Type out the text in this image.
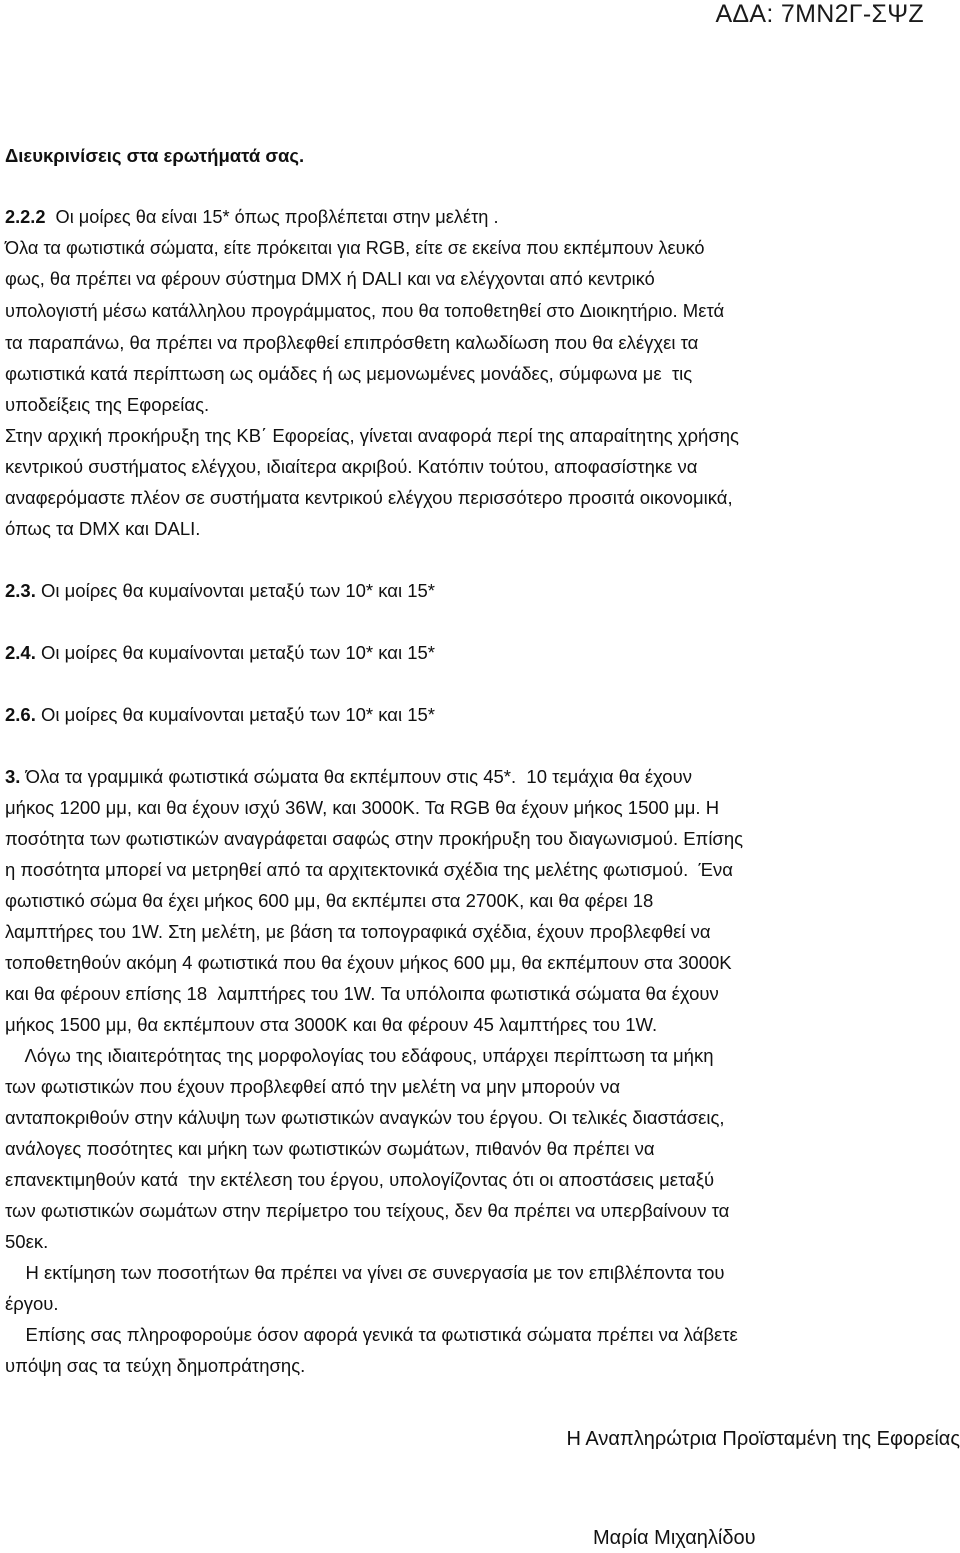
ΑΔΑ: 7ΜΝ2Γ-ΣΨΖ

Διευκρινίσεις στα ερωτήματά σας.

2.2.2  Οι μοίρες θα είναι 15* όπως προβλέπεται στην μελέτη .

Όλα τα φωτιστικά σώματα, είτε πρόκειται για RGB, είτε σε εκείνα που εκπέμπουν λευκό

φως, θα πρέπει να φέρουν σύστημα DMX ή DALI και να ελέγχονται από κεντρικό

υπολογιστή μέσω κατάλληλου προγράμματος, που θα τοποθετηθεί στο Διοικητήριο. Μετά

τα παραπάνω, θα πρέπει να προβλεφθεί επιπρόσθετη καλωδίωση που θα ελέγχει τα

φωτιστικά κατά περίπτωση ως ομάδες ή ως μεμονωμένες μονάδες, σύμφωνα με  τις

υποδείξεις της Εφορείας.

Στην αρχική προκήρυξη της ΚΒ΄ Εφορείας, γίνεται αναφορά περί της απαραίτητης χρήσης

κεντρικού συστήματος ελέγχου, ιδιαίτερα ακριβού. Κατόπιν τούτου, αποφασίστηκε να

αναφερόμαστε πλέον σε συστήματα κεντρικού ελέγχου περισσότερο προσιτά οικονομικά,

όπως τα DMX και DALI.

2.3. Οι μοίρες θα κυμαίνονται μεταξύ των 10* και 15*

2.4. Οι μοίρες θα κυμαίνονται μεταξύ των 10* και 15*

2.6. Οι μοίρες θα κυμαίνονται μεταξύ των 10* και 15*

3. Όλα τα γραμμικά φωτιστικά σώματα θα εκπέμπουν στις 45*.  10 τεμάχια θα έχουν

μήκος 1200 μμ, και θα έχουν ισχύ 36W, και 3000Κ. Τα RGB θα έχουν μήκος 1500 μμ. Η

ποσότητα των φωτιστικών αναγράφεται σαφώς στην προκήρυξη του διαγωνισμού. Επίσης

η ποσότητα μπορεί να μετρηθεί από τα αρχιτεκτονικά σχέδια της μελέτης φωτισμού.  Ένα

φωτιστικό σώμα θα έχει μήκος 600 μμ, θα εκπέμπει στα 2700Κ, και θα φέρει 18

λαμπτήρες του 1W. Στη μελέτη, με βάση τα τοπογραφικά σχέδια, έχουν προβλεφθεί να

τοποθετηθούν ακόμη 4 φωτιστικά που θα έχουν μήκος 600 μμ, θα εκπέμπουν στα 3000Κ

και θα φέρουν επίσης 18  λαμπτήρες του 1W. Τα υπόλοιπα φωτιστικά σώματα θα έχουν

μήκος 1500 μμ, θα εκπέμπουν στα 3000Κ και θα φέρουν 45 λαμπτήρες του 1W.

Λόγω της ιδιαιτερότητας της μορφολογίας του εδάφους, υπάρχει περίπτωση τα μήκη

των φωτιστικών που έχουν προβλεφθεί από την μελέτη να μην μπορούν να

ανταποκριθούν στην κάλυψη των φωτιστικών αναγκών του έργου. Οι τελικές διαστάσεις,

ανάλογες ποσότητες και μήκη των φωτιστικών σωμάτων, πιθανόν θα πρέπει να

επανεκτιμηθούν κατά  την εκτέλεση του έργου, υπολογίζοντας ότι οι αποστάσεις μεταξύ

των φωτιστικών σωμάτων στην περίμετρο του τείχους, δεν θα πρέπει να υπερβαίνουν τα

50εκ.

Η εκτίμηση των ποσοτήτων θα πρέπει να γίνει σε συνεργασία με τον επιβλέποντα του

έργου.

Επίσης σας πληροφορούμε όσον αφορά γενικά τα φωτιστικά σώματα πρέπει να λάβετε

υπόψη σας τα τεύχη δημοπράτησης.

Η Αναπληρώτρια Προϊσταμένη της Εφορείας
Μαρία Μιχαηλίδου
